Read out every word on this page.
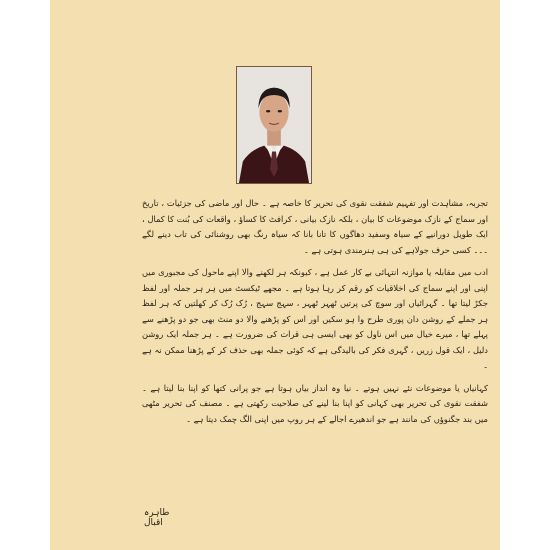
تجربہ، مشاہدت اور تفہیم شفقت نقوی کی تحریر کا خاصہ ہے ۔ حال اور ماضی کی جزئیات ، تاریخ اور سماج کے نازک موضوعات کا بیان ، بلکہ نازک بیانی ، کرافٹ کا کساؤ ، واقعات کی بُنت کا کمال ، ایک طویل دورانیے کے سیاہ وسفید دھاگوں کا تانا بانا کہ سیاہ رنگ بھی روشنائی کی تاب دینے لگے ۔۔۔ کسی حرف جولاہے کی ہی ہنرمندی ہوتی ہے ۔

ادب میں مقابلہ یا موازنہ انتہائی بے کار عمل ہے ، کیونکہ ہر لکھنے والا اپنے ماحول کی مجبوری میں اپنی اور اپنے سماج کی اخلاقیات کو رقم کر رہا ہوتا ہے ۔ مجھے ٹیکسٹ میں ہر ہر جملہ اور لفظ جکڑ لیتا تھا ۔ گہرائیاں اور سوچ کی پرتیں ٹھہر ٹھہر ، سہج سہج ، رُک رُک کر کھلتیں کہ ہر لفظ ہر جملے کے روشن دان پوری طرح وا ہو سکیں اور اس کو پڑھنے والا دو منٹ بھی جو دو پڑھنے سے پہلے تھا ، میرے خیال میں اس ناول کو بھی ایسی ہی قرات کی ضرورت ہے ۔ ہر جملہ ایک روشن دلیل ، ایک قول زریں ، گہری فکر کی بالیدگی ہے کہ کوئی جملہ بھی حذف کر کے پڑھنا ممکن نہ ہے ۔

کہانیاں یا موضوعات نئے نہیں ہوتے ۔ نیا وہ انداز بیاں ہوتا ہے جو پرانی کتھا کو اپنا بنا لیتا ہے ۔ شفقت نقوی کی تحریر بھی کہانی کو اپنا بنا لینے کی صلاحیت رکھتی ہے ۔ مصنف کی تحریر مٹھی میں بند جگنوؤں کی مانند ہے جو اندھیرے اجالے کے ہر روپ میں اپنی الگ چمک دیتا ہے ۔

طاہرہ اقبال
